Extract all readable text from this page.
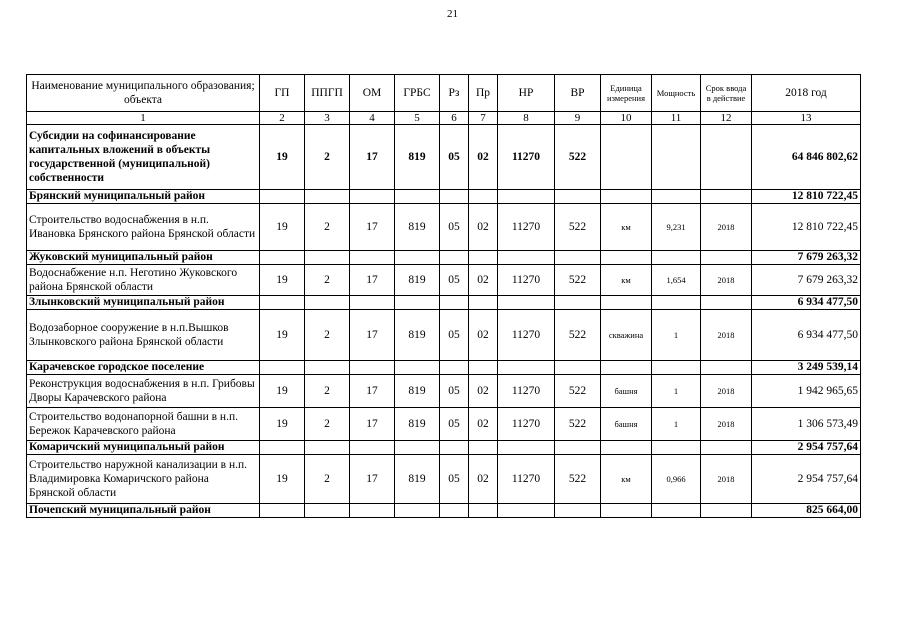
21
Наименование муниципального образования; объекта	ГП	ППГП	ОМ	ГРБС	Рз	Пр	НР	ВР	Единица измерения	Мощность	Срок ввода в действие	2018 год
1	2	3	4	5	6	7	8	9	10	11	12	13
Субсидии на софинансирование капитальных вложений в объекты государственной (муниципальной) собственности	19	2	17	819	05	02	11270	522				64 846 802,62
Брянский муниципальный район												12 810 722,45
Строительство водоснабжения в н.п. Ивановка Брянского района Брянской области	19	2	17	819	05	02	11270	522	км	9,231	2018	12 810 722,45
Жуковский муниципальный район												7 679 263,32
Водоснабжение н.п. Неготино Жуковского района Брянской области	19	2	17	819	05	02	11270	522	км	1,654	2018	7 679 263,32
Злынковский муниципальный район												6 934 477,50
Водозаборное сооружение в н.п.Вышков Злынковского района Брянской области	19	2	17	819	05	02	11270	522	скважина	1	2018	6 934 477,50
Карачевское городское поселение												3 249 539,14
Реконструкция водоснабжения в н.п. Грибовы Дворы Карачевского района	19	2	17	819	05	02	11270	522	башня	1	2018	1 942 965,65
Строительство водонапорной башни в н.п. Бережок Карачевского района	19	2	17	819	05	02	11270	522	башня	1	2018	1 306 573,49
Комаричский муниципальный район												2 954 757,64
Строительство наружной канализации в н.п. Владимировка Комаричского района Брянской области	19	2	17	819	05	02	11270	522	км	0,966	2018	2 954 757,64
Почепский муниципальный район												825 664,00
